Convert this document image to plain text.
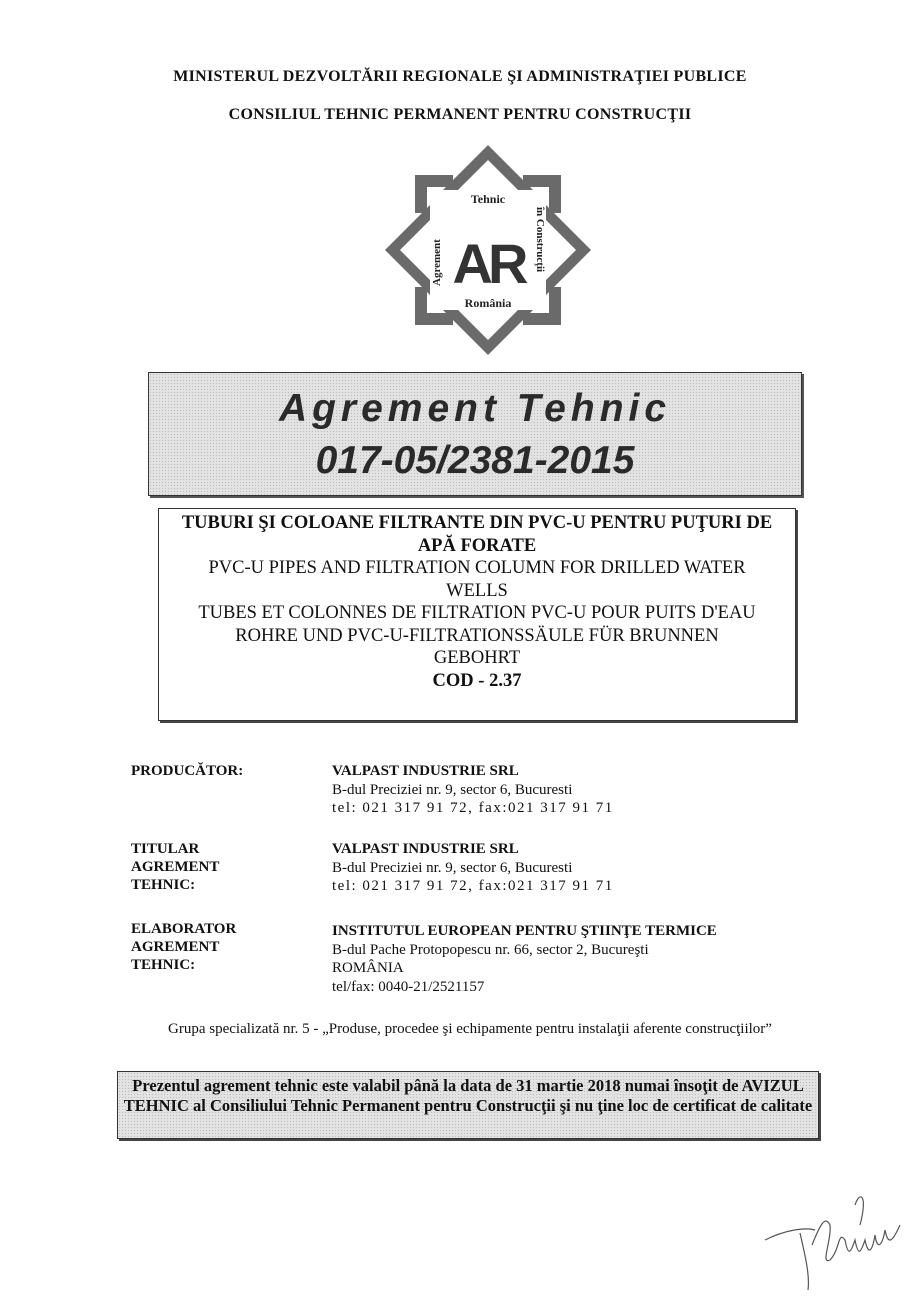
MINISTERUL DEZVOLTĂRII REGIONALE ŞI ADMINISTRAŢIEI PUBLICE
CONSILIUL TEHNIC PERMANENT PENTRU CONSTRUCŢII
Tehnic
România
Agrement	în Construcţii
AR
Agrement Tehnic
017-05/2381-2015
TUBURI ŞI COLOANE FILTRANTE DIN PVC-U PENTRU PUŢURI DE APĂ FORATE
PVC-U PIPES AND FILTRATION COLUMN FOR DRILLED WATER WELLS
TUBES ET COLONNES DE FILTRATION PVC-U POUR PUITS D'EAU
ROHRE UND PVC-U-FILTRATIONSSÄULE FÜR BRUNNEN GEBOHRT
COD - 2.37
PRODUCĂTOR:	VALPAST INDUSTRIE SRL
B-dul Preciziei nr. 9, sector 6, Bucuresti
tel: 021 317 91 72, fax:021 317 91 71
TITULAR
AGREMENT
TEHNIC:
VALPAST INDUSTRIE SRL
B-dul Preciziei nr. 9, sector 6, Bucuresti
tel: 021 317 91 72, fax:021 317 91 71
ELABORATOR
AGREMENT
TEHNIC:
INSTITUTUL EUROPEAN PENTRU ŞTIINŢE TERMICE
B-dul Pache Protopopescu nr. 66, sector 2, Bucureşti
ROMÂNIA
tel/fax: 0040-21/2521157
Grupa specializată nr. 5 - „Produse, procedee şi echipamente pentru instalaţii aferente construcţiilor”
Prezentul agrement tehnic este valabil până la data de 31 martie 2018 numai însoţit de AVIZUL TEHNIC al Consiliului Tehnic Permanent pentru Construcţii şi nu ţine loc de certificat de calitate
